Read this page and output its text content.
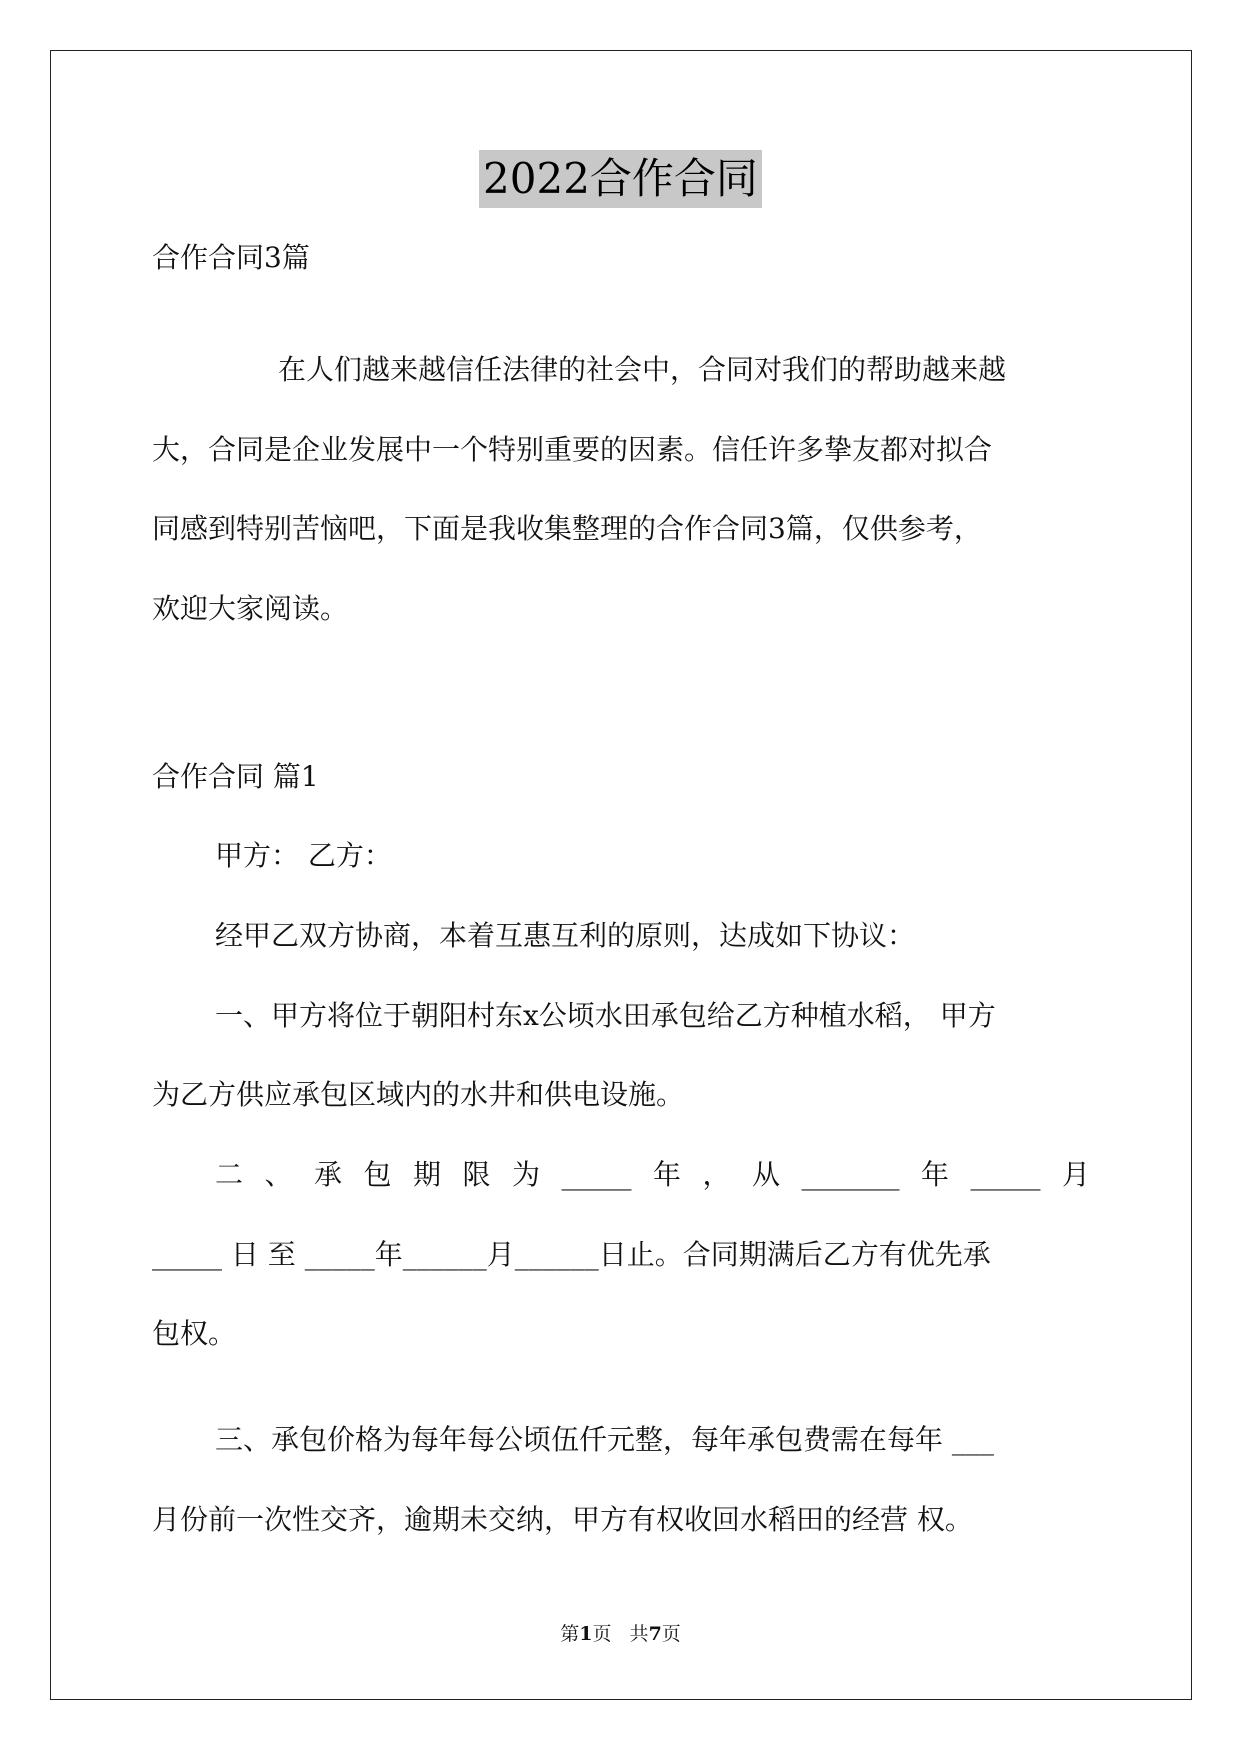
2022合作合同
合作合同3篇
在人们越来越信任法律的社会中，合同对我们的帮助越来越
大，合同是企业发展中一个特别重要的因素。信任许多挚友都对拟合
同感到特别苦恼吧，下面是我收集整理的合作合同3篇，仅供参考，
欢迎大家阅读。
合作合同 篇1
甲方： 乙方：
经甲乙双方协商，本着互惠互利的原则，达成如下协议：
一、甲方将位于朝阳村东x公顷水田承包给乙方种植水稻， 甲方
为乙方供应承包区域内的水井和供电设施。
二 、 承 包 期 限 为 _____ 年 ， 从 _______ 年 _____ 月
_____ 日 至 _____年______月______日止。合同期满后乙方有优先承
包权。
三、承包价格为每年每公顷伍仟元整，每年承包费需在每年 ___
月份前一次性交齐，逾期未交纳，甲方有权收回水稻田的经营 权。
第1页   共7页
